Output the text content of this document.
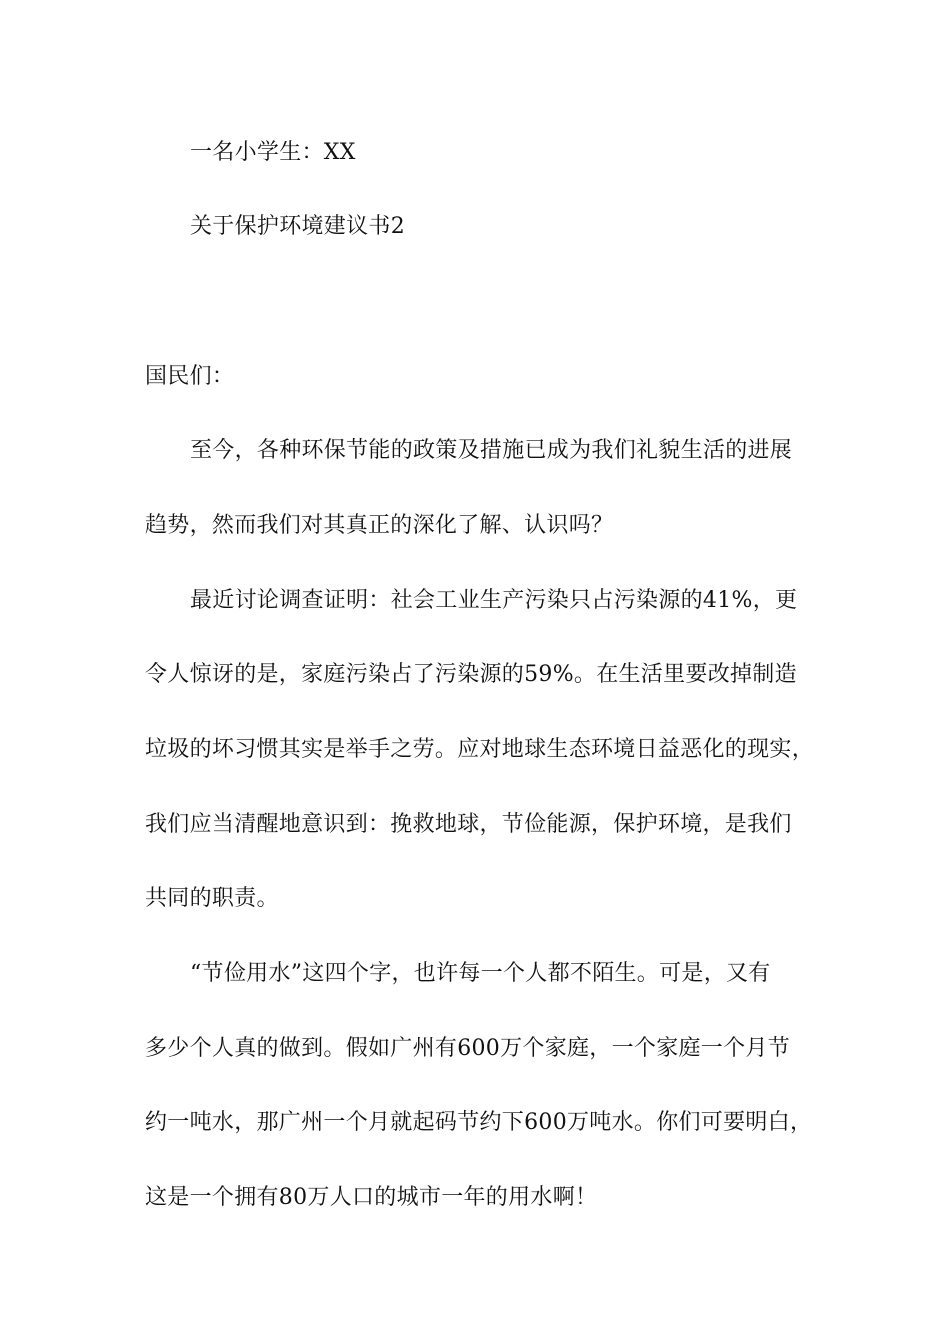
一名小学生：XX
关于保护环境建议书2
国民们：
至今，各种环保节能的政策及措施已成为我们礼貌生活的进展
趋势，然而我们对其真正的深化了解、认识吗？
最近讨论调查证明：社会工业生产污染只占污染源的41%，更
令人惊讶的是，家庭污染占了污染源的59%。在生活里要改掉制造
垃圾的坏习惯其实是举手之劳。应对地球生态环境日益恶化的现实，
我们应当清醒地意识到：挽救地球，节俭能源，保护环境，是我们
共同的职责。
“节俭用水”这四个字，也许每一个人都不陌生。可是，又有
多少个人真的做到。假如广州有600万个家庭，一个家庭一个月节
约一吨水，那广州一个月就起码节约下600万吨水。你们可要明白，
这是一个拥有80万人口的城市一年的用水啊！
